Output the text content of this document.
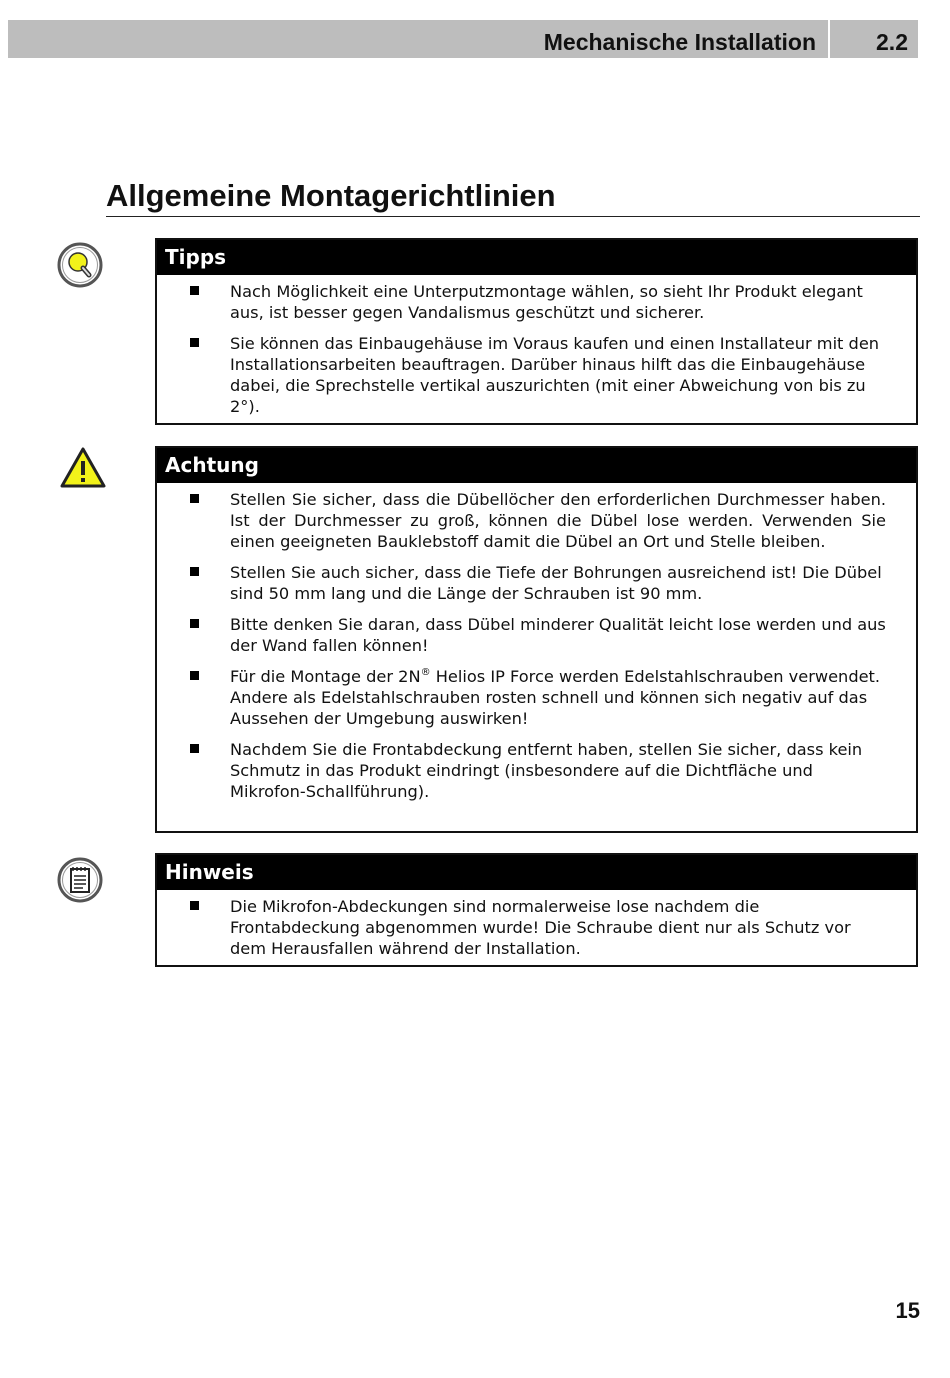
Mechanische Installation	2.2
Allgemeine Montagerichtlinien
Tipps
Nach Möglichkeit eine Unterputzmontage wählen, so sieht Ihr Produkt elegant aus, ist besser gegen Vandalismus geschützt und sicherer.
Sie können das Einbaugehäuse im Voraus kaufen und einen Installateur mit den Installationsarbeiten beauftragen. Darüber hinaus hilft das die Einbaugehäuse dabei, die Sprechstelle vertikal auszurichten (mit einer Abweichung von bis zu 2°).
Achtung
Stellen Sie sicher, dass die Dübellöcher den erforderlichen Durchmesser haben. Ist der Durchmesser zu groß, können die Dübel lose werden. Verwenden Sie einen geeigneten Bauklebstoff damit die Dübel an Ort und Stelle bleiben.
Stellen Sie auch sicher, dass die Tiefe der Bohrungen ausreichend ist! Die Dübel sind 50 mm lang und die Länge der Schrauben ist 90 mm.
Bitte denken Sie daran, dass Dübel minderer Qualität leicht lose werden und aus der Wand fallen können!
Für die Montage der 2N® Helios IP Force werden Edelstahlschrauben verwendet. Andere als Edelstahlschrauben rosten schnell und können sich negativ auf das Aussehen der Umgebung auswirken!
Nachdem Sie die Frontabdeckung entfernt haben, stellen Sie sicher, dass kein Schmutz in das Produkt eindringt (insbesondere auf die Dichtfläche und Mikrofon-Schallführung).
Hinweis
Die Mikrofon-Abdeckungen sind normalerweise lose nachdem die Frontabdeckung abgenommen wurde! Die Schraube dient nur als Schutz vor dem Herausfallen während der Installation.
15
